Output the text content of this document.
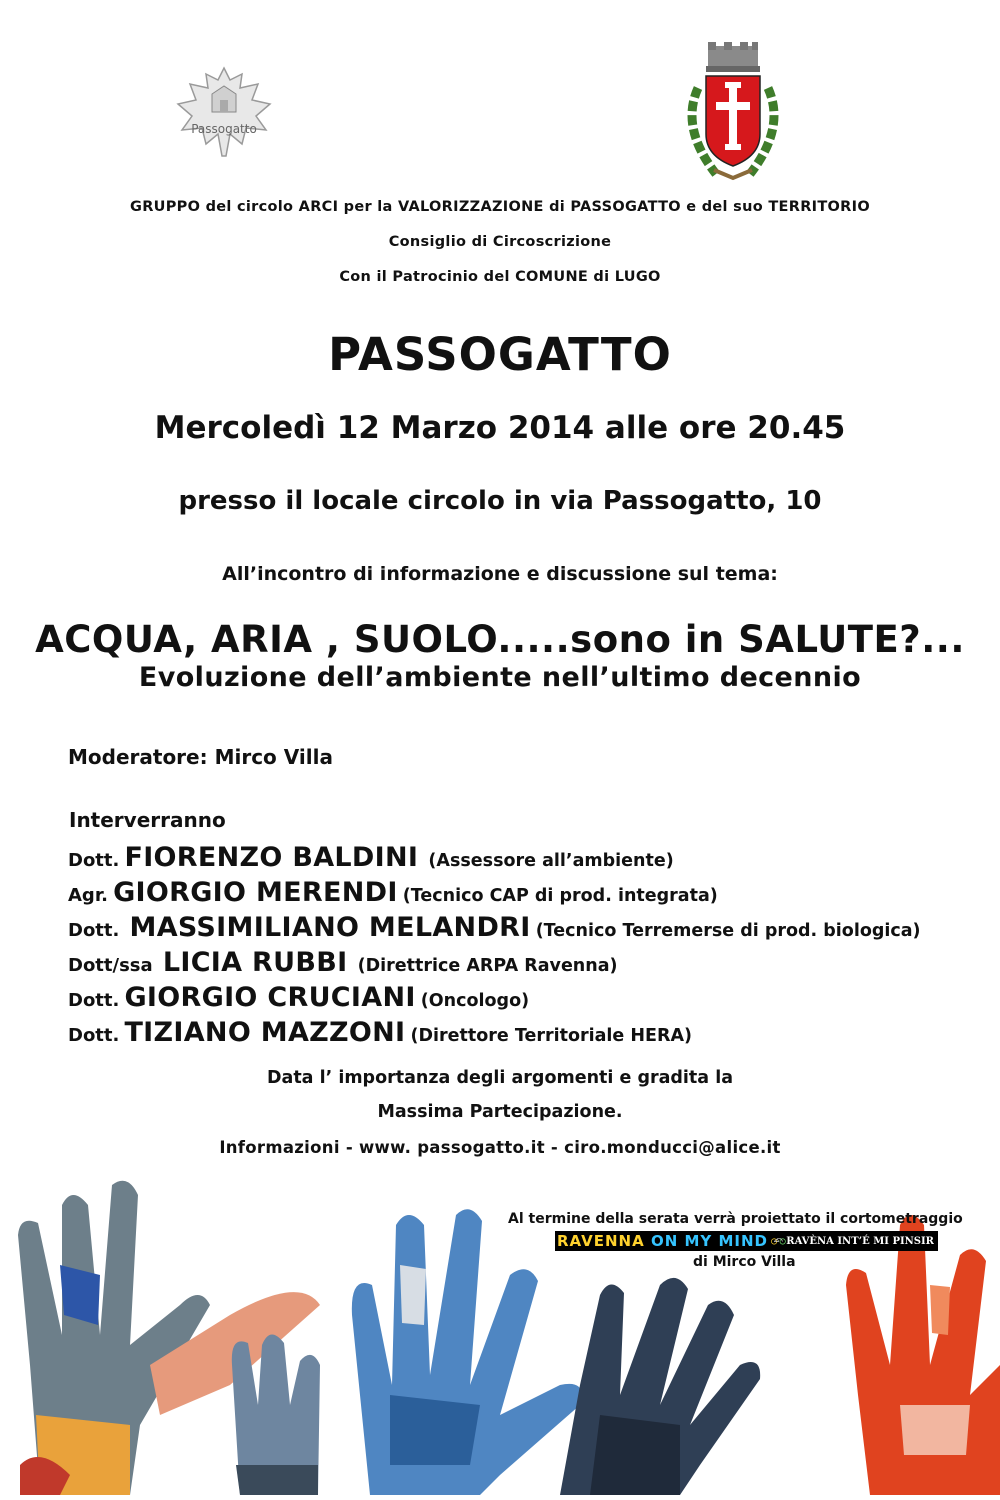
Passogatto
GRUPPO del circolo ARCI per la VALORIZZAZIONE di PASSOGATTO e del suo TERRITORIO
Consiglio di Circoscrizione
Con il Patrocinio del COMUNE di LUGO
PASSOGATTO
Mercoledì 12 Marzo 2014 alle ore 20.45
presso il locale circolo in via Passogatto, 10
All’incontro di informazione e discussione sul tema:
ACQUA, ARIA , SUOLO.....sono in SALUTE?...
Evoluzione dell’ambiente nell’ultimo decennio
Moderatore: Mirco Villa
Interverranno
Dott. FIORENZO BALDINI (Assessore all’ambiente)
Agr. GIORGIO MERENDI (Tecnico CAP di prod. integrata)
Dott. MASSIMILIANO MELANDRI (Tecnico Terremerse di prod. biologica)
Dott/ssa LICIA RUBBI (Direttrice ARPA Ravenna)
Dott. GIORGIO CRUCIANI (Oncologo)
Dott. TIZIANO MAZZONI (Direttore Territoriale HERA)
Data l’ importanza degli argomenti e gradita la
Massima Partecipazione.
Informazioni - www. passogatto.it - ciro.monducci@alice.it
Al termine della serata verrà proiettato il cortometraggio
RAVENNA ON MY MIND RAVÈNA INT’É MI PINSIR
di Mirco Villa
